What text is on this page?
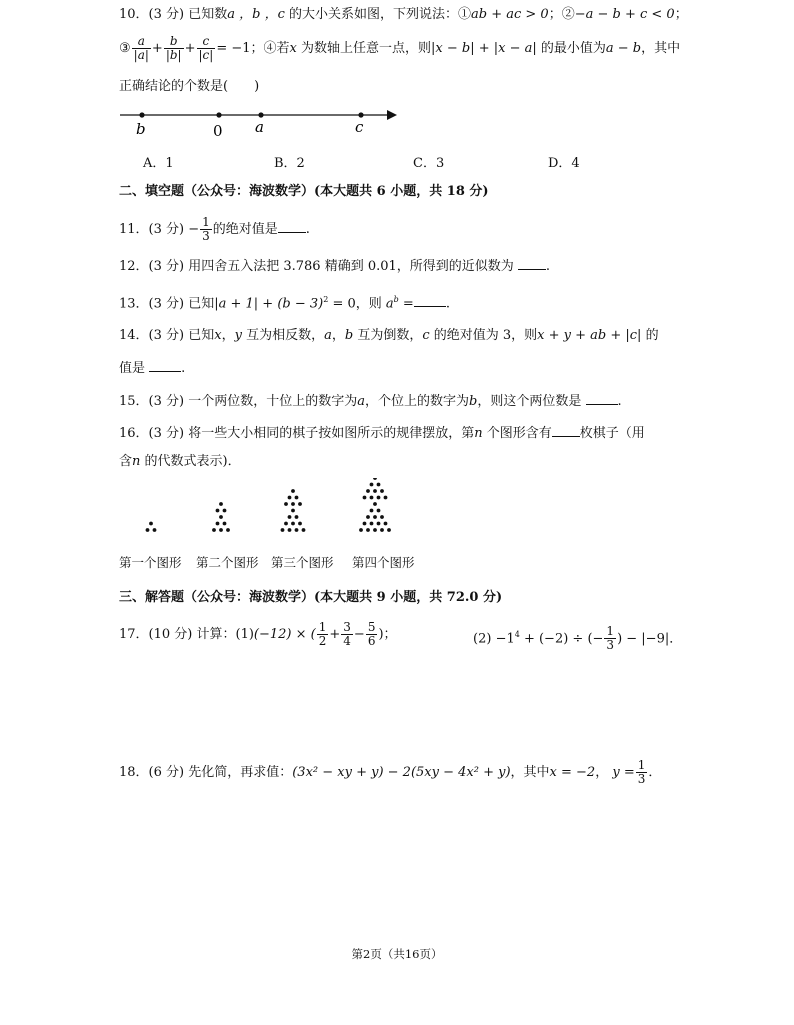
10．(3 分) 已知数a ，b ，c 的大小关系如图，下列说法：①ab + ac > 0；②−a − b + c < 0；
③ $\frac{a}{|a|} + \frac{b}{|b|} + \frac{c}{|c|} = -1$；④若x 为数轴上任意一点，则|x − b| + |x − a| 的最小值为a − b，其中
正确结论的个数是(　　)
b	0 a	c
A．1	B．2	C．3	D．4
二、填空题（公众号：海波数学）(本大题共 6 小题，共 18 分)
11．(3 分) − $\frac{1}{3}$ 的绝对值是 .
12．(3 分) 用四舍五入法把 3.786 精确到 0.01，所得到的近似数为 .
13．(3 分) 已知$|a + 1| + (b - 3)^2 = 0$，则 $a^b$ = .
14．(3 分) 已知x，y 互为相反数，a，b 互为倒数，c 的绝对值为 3，则x + y + ab + |c| 的
值是	.
15．(3 分) 一个两位数，十位上的数字为a，个位上的数字为b，则这个两位数是	.
16．(3 分) 将一些大小相同的棋子按如图所示的规律摆放，第n 个图形含有 枚棋子（用
含n 的代数式表示)．
第一个图形 第二个图形 第三个图形 第四个图形
三、解答题（公众号：海波数学）(本大题共 9 小题，共 72.0 分)
17．(10 分) 计算：(1)(−12) × ( $\frac{1}{2} + \frac{3}{4} - \frac{5}{6}$ )；	$(2) -1^4 + (-2)$ ÷ (− $\frac{1}{3}$ ) − |−9|．
18．(6 分) 先化简，再求值：(3x² − xy + y) − 2(5xy − 4x² + y)，其中x = −2， $y = \frac{1}{3}$ ．
第2页（共16页）
